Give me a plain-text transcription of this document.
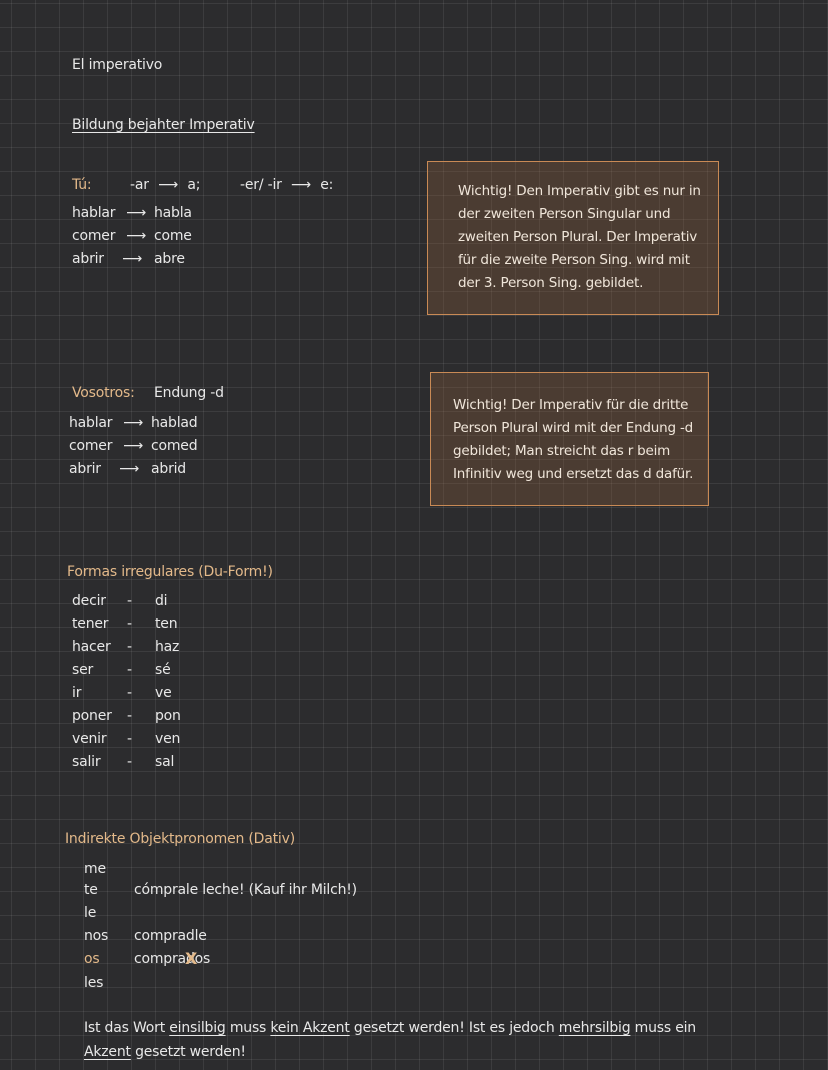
El imperativo
Bildung bejahter Imperativ
Tú:	-ar ⟶ a;	-er/ -ir ⟶ e:
hablar ⟶ habla
comer ⟶ come
abrir	⟶ abre
Wichtig! Den Imperativ gibt es nur in
der zweiten Person Singular und
zweiten Person Plural. Der Imperativ
für die zweite Person Sing. wird mit
der 3. Person Sing. gebildet.
Vosotros: Endung -d
hablar ⟶ hablad
comer ⟶ comed
abrir	⟶ abrid
Wichtig! Der Imperativ für die dritte
Person Plural wird mit der Endung -d
gebildet; Man streicht das r beim
Infinitiv weg und ersetzt das d dafür.
Formas irregulares (Du-Form!)
decir	-	di
tener	-	ten
hacer	-	haz
ser	-	sé
ir	-	ve
poner	-	pon
venir	-	ven
salir	-	sal
Indirekte Objektpronomen (Dativ)
me
te	cómprale leche! (Kauf ihr Milch!)
le
nos compradle
os comprad Xos
les
Ist das Wort einsilbig muss kein Akzent gesetzt werden! Ist es jedoch mehrsilbig muss ein
Akzent gesetzt werden!
